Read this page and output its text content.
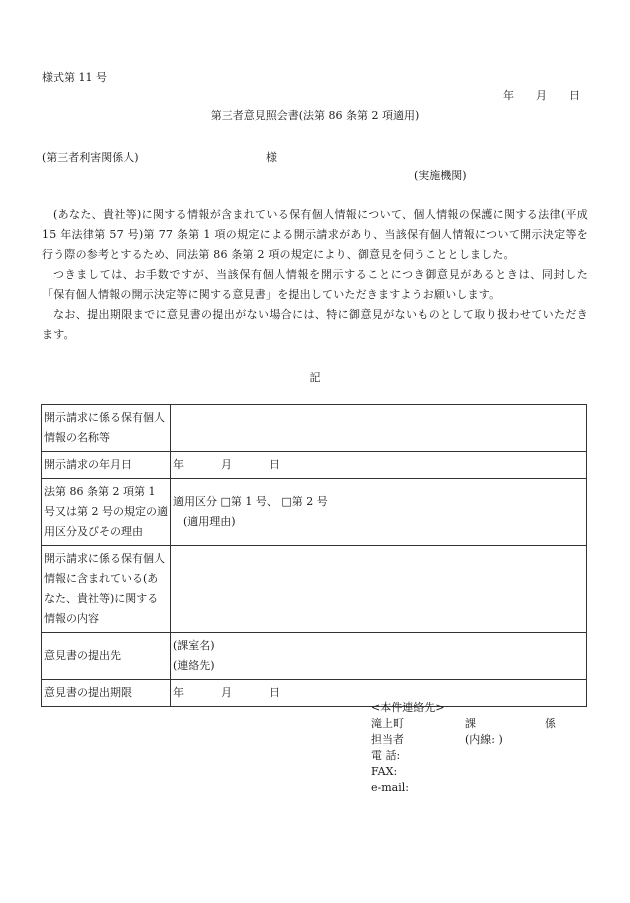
様式第 11 号
年 月 日
第三者意見照会書(法第 86 条第 2 項適用)
(第三者利害関係人)	様
(実施機関)

(あなた、貴社等)に関する情報が含まれている保有個人情報について、個人情報の保護に関する法律(平成 15 年法律第 57 号)第 77 条第 1 項の規定による開示請求があり、当該保有個人情報について開示決定等を行う際の参考とするため、同法第 86 条第 2 項の規定により、御意見を伺うこととしました。

つきましては、お手数ですが、当該保有個人情報を開示することにつき御意見があるときは、同封した「保有個人情報の開示決定等に関する意見書」を提出していただきますようお願いします。

なお、提出期限までに意見書の提出がない場合には、特に御意見がないものとして取り扱わせていただきます。

記
開示請求に係る保有個人情報の名称等	
開示請求の年月日	年 月 日
法第 86 条第 2 項第 1 号又は第 2 号の規定の適用区分及びその理由	適用区分 □第 1 号、 □第 2 号
(適用理由)

開示請求に係る保有個人情報に含まれている(あなた、貴社等)に関する情報の内容	
意見書の提出先	(課室名)
(連絡先)

意見書の提出期限	年 月 日
<本件連絡先>
滝上町	課	係
担当者	(内線: )
電 話:
FAX:
e-mail:
